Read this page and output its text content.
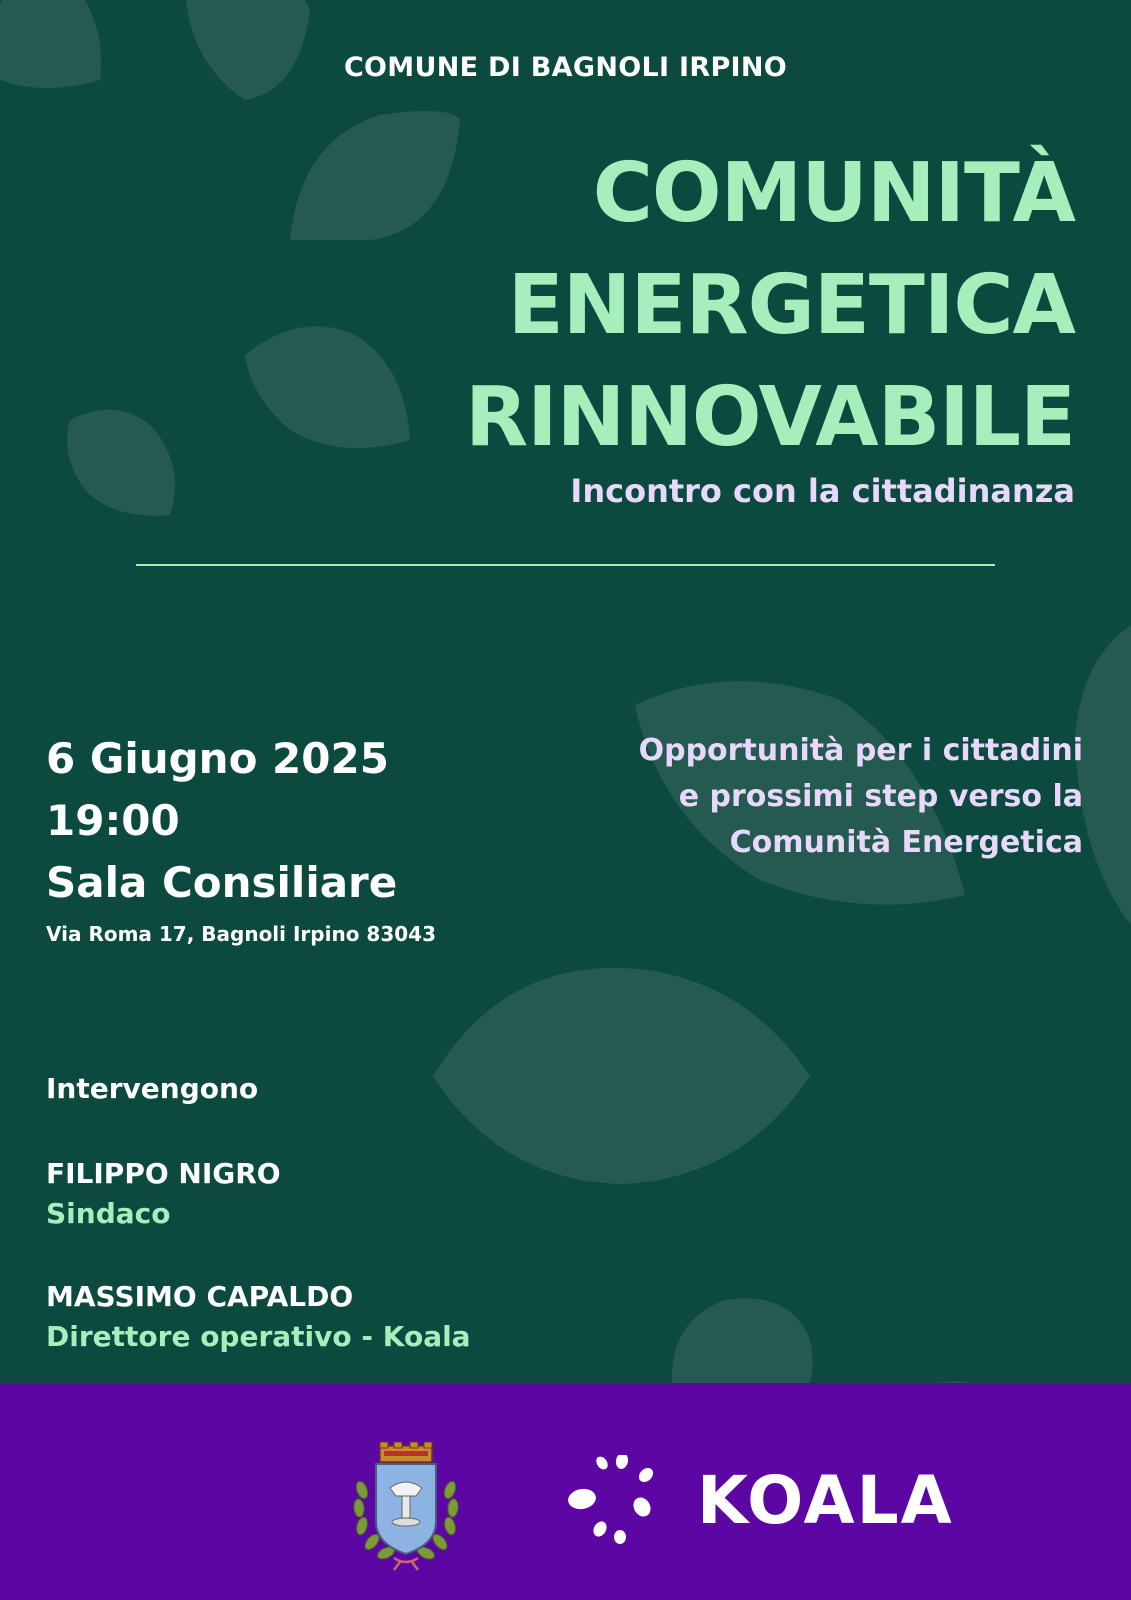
COMUNE DI BAGNOLI IRPINO
COMUNITÀ
ENERGETICA
RINNOVABILE
Incontro con la cittadinanza
6 Giugno 2025
19:00
Sala Consiliare
Via Roma 17, Bagnoli Irpino 83043
Opportunità per i cittadini
e prossimi step verso la
Comunità Energetica
Intervengono
FILIPPO NIGRO
Sindaco
MASSIMO CAPALDO
Direttore operativo - Koala
KOALA
